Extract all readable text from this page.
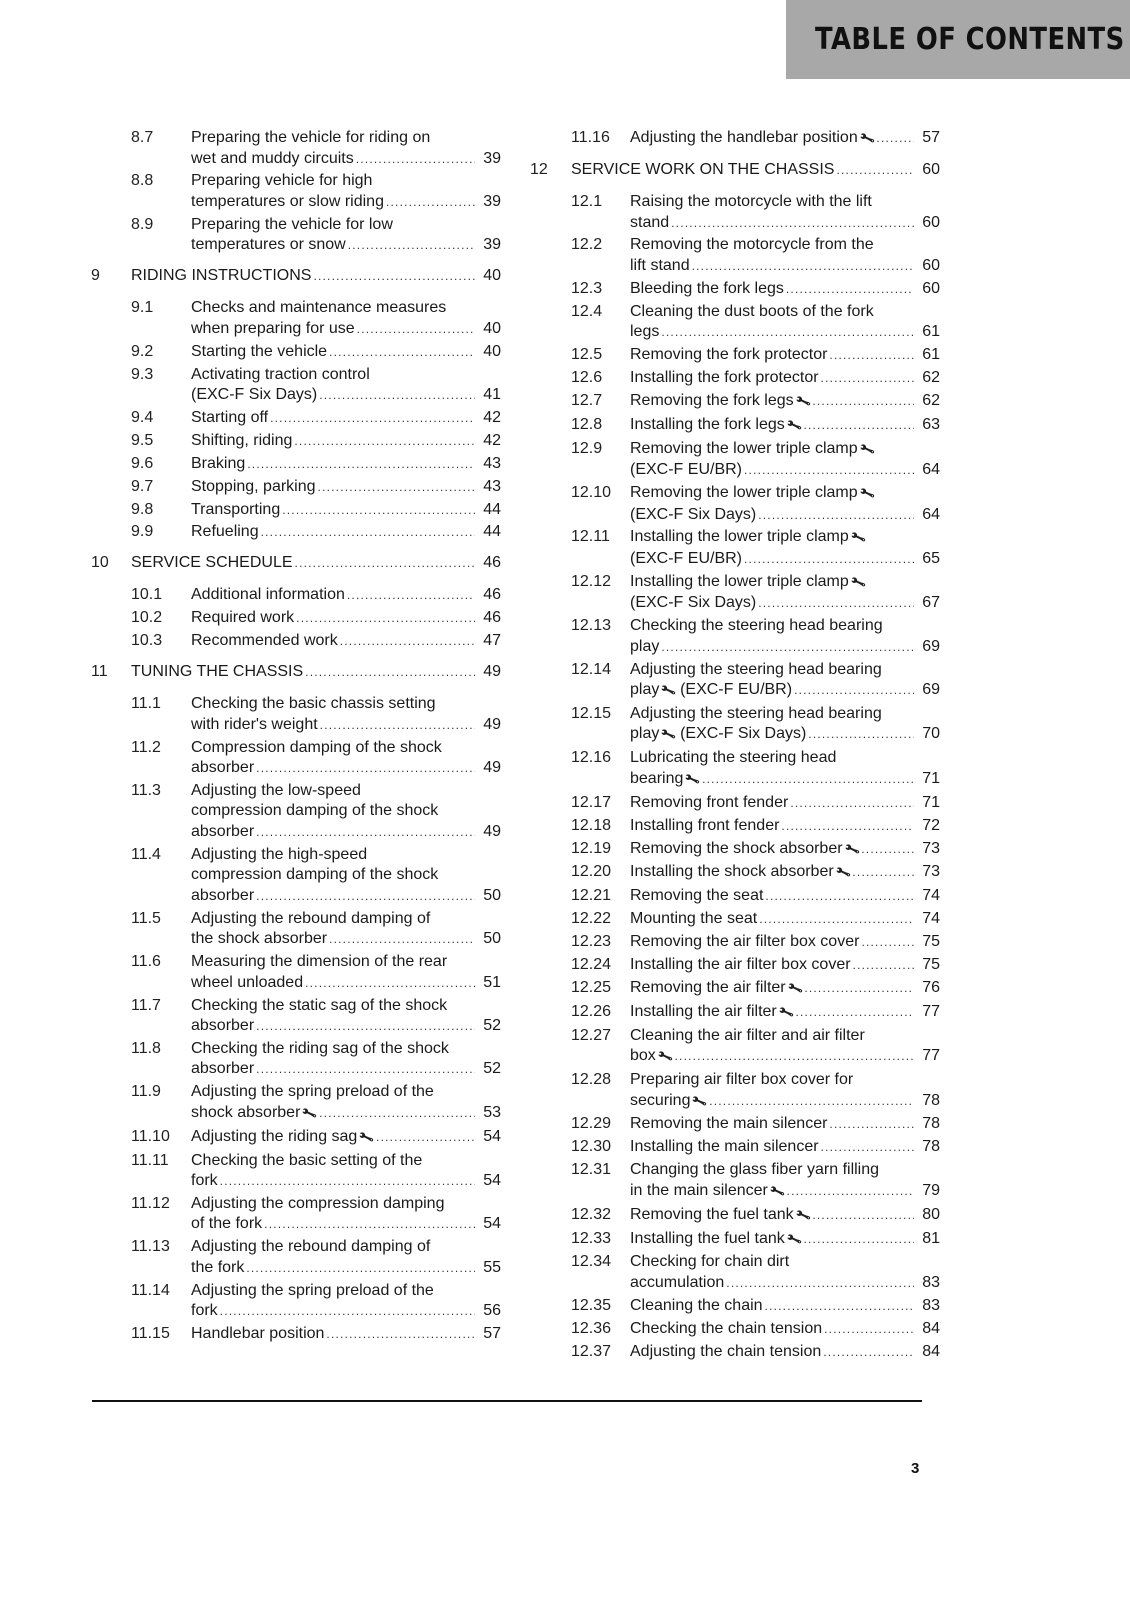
TABLE OF CONTENTS
8.7 Preparing the vehicle for riding on
wet and muddy circuits .....	39
8.8 Preparing vehicle for high
temperatures or slow riding .....	39
8.9 Preparing the vehicle for low
temperatures or snow .....	39
9 RIDING INSTRUCTIONS .....	40
9.1 Checks and maintenance measures
when preparing for use .....	40
9.2 Starting the vehicle .....	40
9.3 Activating traction control
(EXC-F Six Days) .....	41
9.4 Starting off .....	42
9.5 Shifting, riding .....	42
9.6 Braking .....	43
9.7 Stopping, parking .....	43
9.8 Transporting .....	44
9.9 Refueling .....	44
10 SERVICE SCHEDULE .....	46
10.1 Additional information .....	46
10.2 Required work .....	46
10.3 Recommended work .....	47
11 TUNING THE CHASSIS .....	49
11.1 Checking the basic chassis setting
with rider's weight .....	49
11.2 Compression damping of the shock
absorber .....	49
11.3 Adjusting the low-speed
compression damping of the shock
absorber .....	49
11.4 Adjusting the high-speed
compression damping of the shock
absorber .....	50
11.5 Adjusting the rebound damping of
the shock absorber .....	50
11.6 Measuring the dimension of the rear
wheel unloaded .....	51
11.7 Checking the static sag of the shock
absorber .....	52
11.8 Checking the riding sag of the shock
absorber .....	52
11.9 Adjusting the spring preload of the
shock absorber 🔧 .....	53
11.10 Adjusting the riding sag 🔧 .....	54
11.11 Checking the basic setting of the
fork .....	54
11.12 Adjusting the compression damping
of the fork .....	54
11.13 Adjusting the rebound damping of
the fork .....	55
11.14 Adjusting the spring preload of the
fork .....	56
11.15 Handlebar position .....	57
11.16 Adjusting the handlebar position 🔧 .....	57
12 SERVICE WORK ON THE CHASSIS .....	60
12.1 Raising the motorcycle with the lift
stand .....	60
12.2 Removing the motorcycle from the
lift stand .....	60
12.3 Bleeding the fork legs .....	60
12.4 Cleaning the dust boots of the fork
legs .....	61
12.5 Removing the fork protector .....	61
12.6 Installing the fork protector .....	62
12.7 Removing the fork legs 🔧 .....	62
12.8 Installing the fork legs 🔧 .....	63
12.9 Removing the lower triple clamp 🔧
(EXC-F EU/BR) .....	64
12.10 Removing the lower triple clamp 🔧
(EXC-F Six Days) .....	64
12.11 Installing the lower triple clamp 🔧
(EXC-F EU/BR) .....	65
12.12 Installing the lower triple clamp 🔧
(EXC-F Six Days) .....	67
12.13 Checking the steering head bearing
play .....	69
12.14 Adjusting the steering head bearing
play 🔧 (EXC-F EU/BR) .....	69
12.15 Adjusting the steering head bearing
play 🔧 (EXC-F Six Days) .....	70
12.16 Lubricating the steering head
bearing 🔧 .....	71
12.17 Removing front fender .....	71
12.18 Installing front fender .....	72
12.19 Removing the shock absorber 🔧 .....	73
12.20 Installing the shock absorber 🔧 .....	73
12.21 Removing the seat .....	74
12.22 Mounting the seat .....	74
12.23 Removing the air filter box cover .....	75
12.24 Installing the air filter box cover .....	75
12.25 Removing the air filter 🔧 .....	76
12.26 Installing the air filter 🔧 .....	77
12.27 Cleaning the air filter and air filter
box 🔧 .....	77
12.28 Preparing air filter box cover for
securing 🔧 .....	78
12.29 Removing the main silencer .....	78
12.30 Installing the main silencer .....	78
12.31 Changing the glass fiber yarn filling
in the main silencer 🔧 .....	79
12.32 Removing the fuel tank 🔧 .....	80
12.33 Installing the fuel tank 🔧 .....	81
12.34 Checking for chain dirt
accumulation .....	83
12.35 Cleaning the chain .....	83
12.36 Checking the chain tension .....	84
12.37 Adjusting the chain tension .....	84
3
